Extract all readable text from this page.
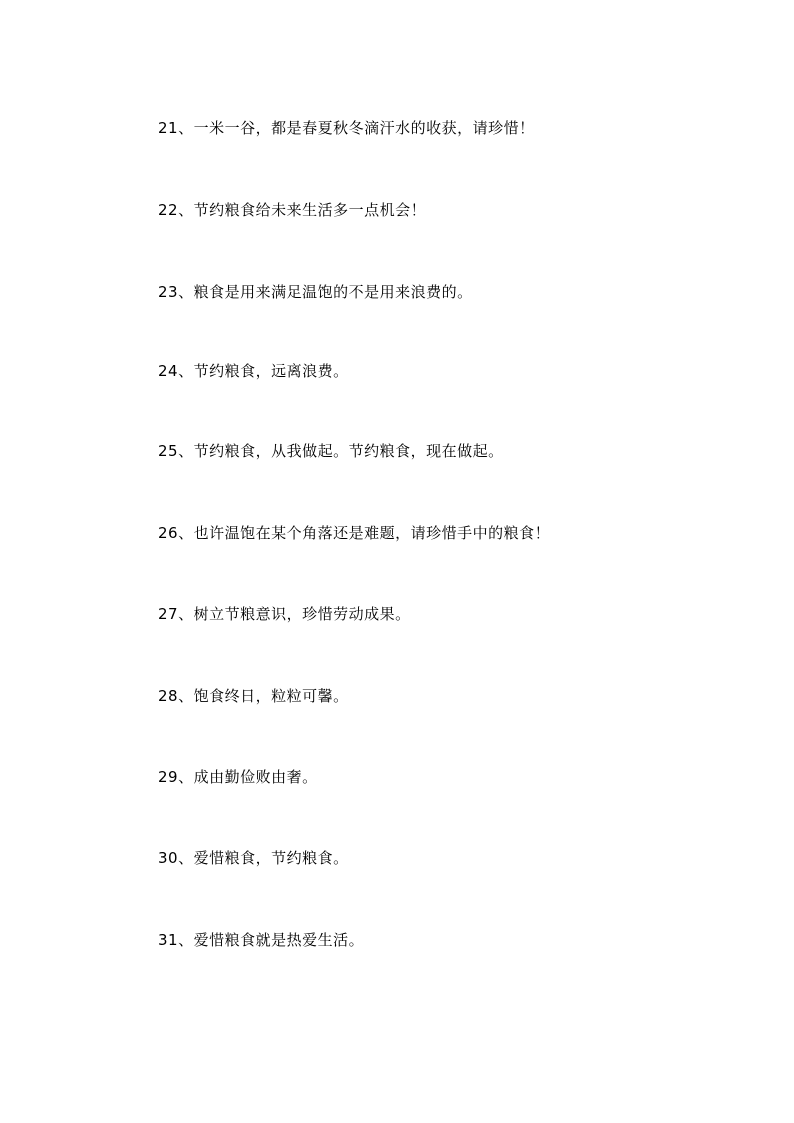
21、一米一谷，都是春夏秋冬滴汗水的收获，请珍惜！
22、节约粮食给未来生活多一点机会！
23、粮食是用来满足温饱的不是用来浪费的。
24、节约粮食，远离浪费。
25、节约粮食，从我做起。节约粮食，现在做起。
26、也许温饱在某个角落还是难题，请珍惜手中的粮食！
27、树立节粮意识，珍惜劳动成果。
28、饱食终日，粒粒可馨。
29、成由勤俭败由奢。
30、爱惜粮食，节约粮食。
31、爱惜粮食就是热爱生活。
